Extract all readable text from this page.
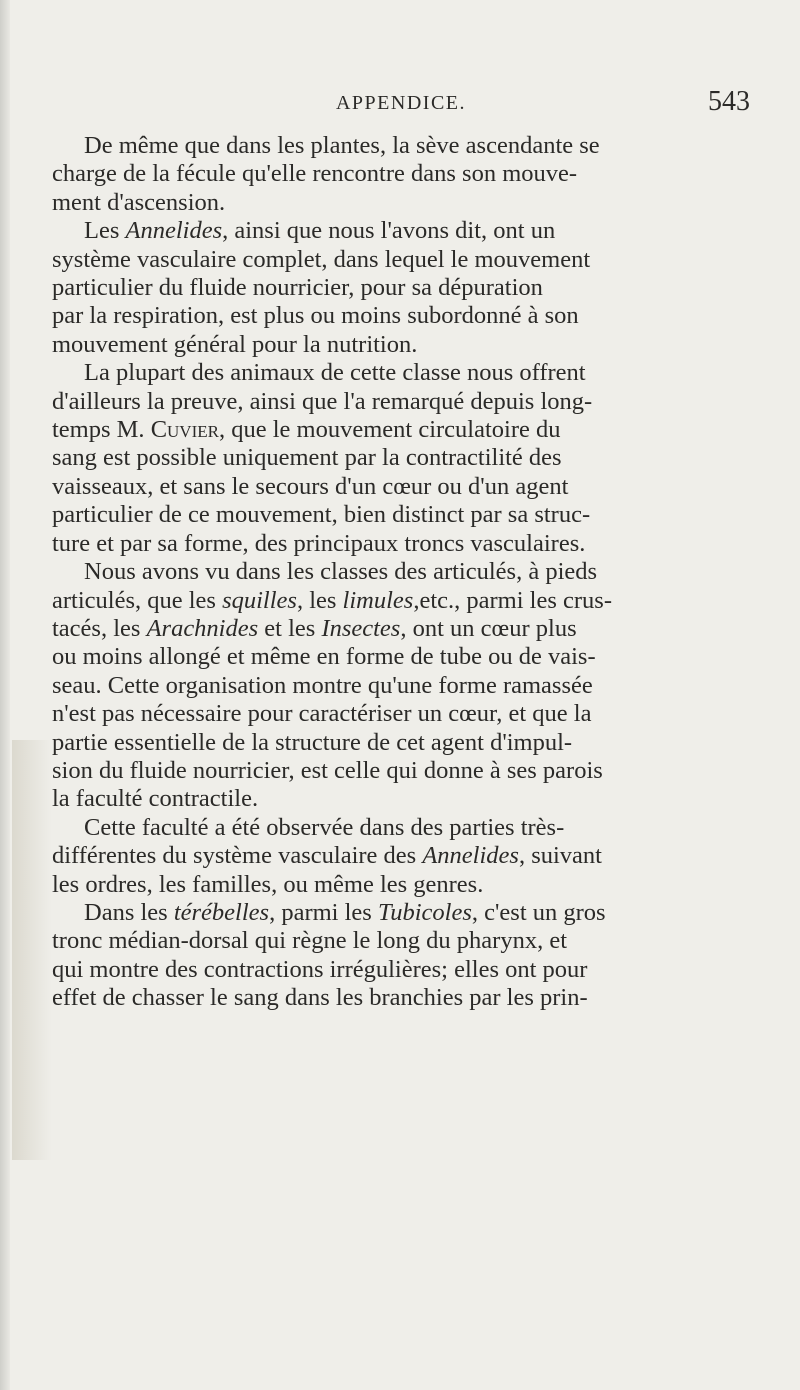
APPENDICE.	543
De même que dans les plantes, la sève ascendante se
charge de la fécule qu'elle rencontre dans son mouve-
ment d'ascension.
Les Annelides, ainsi que nous l'avons dit, ont un
système vasculaire complet, dans lequel le mouvement
particulier du fluide nourricier, pour sa dépuration
par la respiration, est plus ou moins subordonné à son
mouvement général pour la nutrition.
La plupart des animaux de cette classe nous offrent
d'ailleurs la preuve, ainsi que l'a remarqué depuis long-
temps M. Cuvier, que le mouvement circulatoire du
sang est possible uniquement par la contractilité des
vaisseaux, et sans le secours d'un cœur ou d'un agent
particulier de ce mouvement, bien distinct par sa struc-
ture et par sa forme, des principaux troncs vasculaires.
Nous avons vu dans les classes des articulés, à pieds
articulés, que les squilles, les limules,etc., parmi les crus-
tacés, les Arachnides et les Insectes, ont un cœur plus
ou moins allongé et même en forme de tube ou de vais-
seau. Cette organisation montre qu'une forme ramassée
n'est pas nécessaire pour caractériser un cœur, et que la
partie essentielle de la structure de cet agent d'impul-
sion du fluide nourricier, est celle qui donne à ses parois
la faculté contractile.
Cette faculté a été observée dans des parties très-
différentes du système vasculaire des Annelides, suivant
les ordres, les familles, ou même les genres.
Dans les térébelles, parmi les Tubicoles, c'est un gros
tronc médian-dorsal qui règne le long du pharynx, et
qui montre des contractions irrégulières; elles ont pour
effet de chasser le sang dans les branchies par les prin-
